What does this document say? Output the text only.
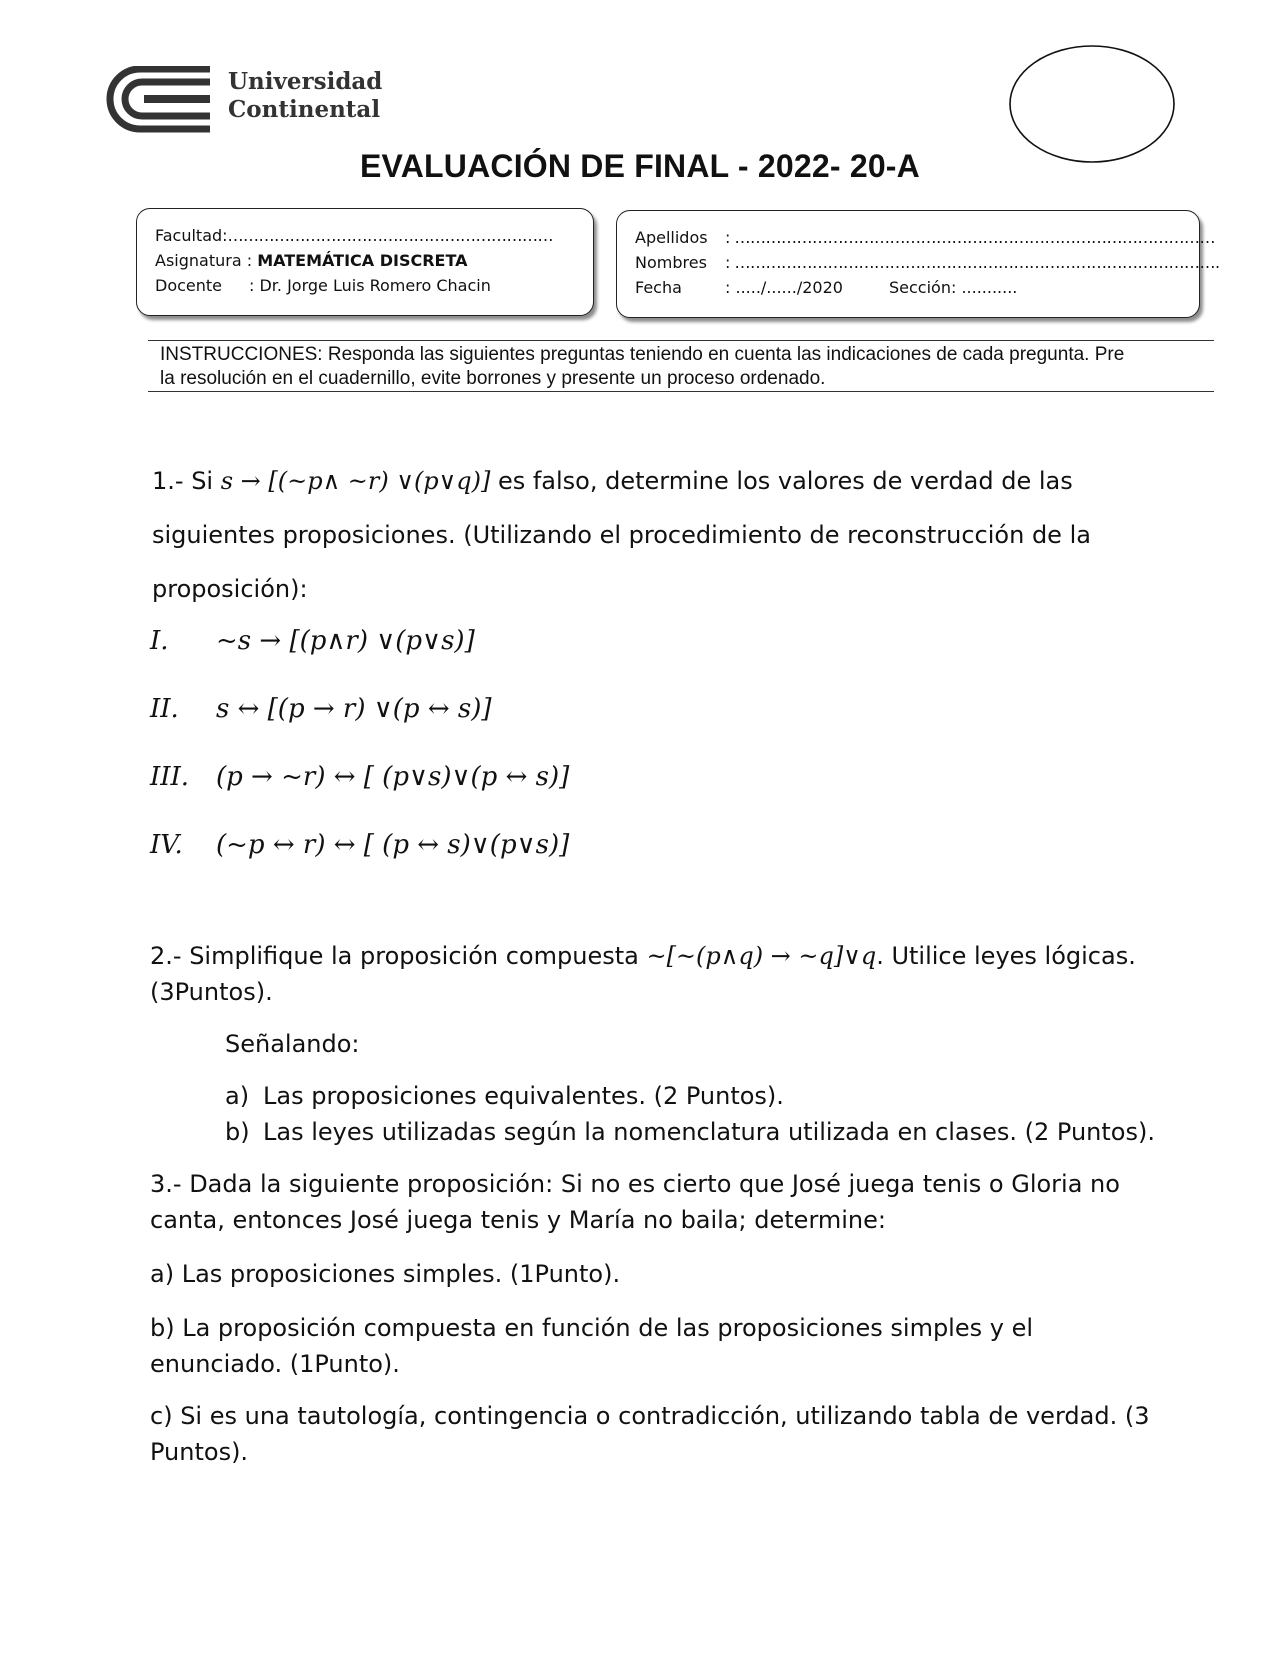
Universidad
Continental
EVALUACIÓN DE FINAL - 2022- 20-A
Facultad:………………………………………………………
Asignatura : MATEMÁTICA DISCRETA
Docente : Dr. Jorge Luis Romero Chacin
Apellidos : …………………………………………………………………………………
Nombres : ………………………………………………………………………………….
Fecha	: ...../....../2020	Sección: ...........
INSTRUCCIONES: Responda las siguientes preguntas teniendo en cuenta las indicaciones de cada pregunta. Pre
la resolución en el cuadernillo, evite borrones y presente un proceso ordenado.
1.- Si s → [(~p∧ ~r) ∨(p∨q)] es falso, determine los valores de verdad de las siguientes proposiciones. (Utilizando el procedimiento de reconstrucción de la proposición):
I. ~s → [(p∧r) ∨(p∨s)]
II. s ↔ [(p → r) ∨(p ↔ s)]
III. (p → ~r) ↔ [ (p∨s)∨(p ↔ s)]
IV. (~p ↔ r) ↔ [ (p ↔ s)∨(p∨s)]
2.- Simplifique la proposición compuesta ~[~(p∧q) → ~q]∨q. Utilice leyes lógicas. (3Puntos).
Señalando:
a) Las proposiciones equivalentes. (2 Puntos).
b) Las leyes utilizadas según la nomenclatura utilizada en clases. (2 Puntos).
3.- Dada la siguiente proposición: Si no es cierto que José juega tenis o Gloria no canta, entonces José juega tenis y María no baila; determine:
a) Las proposiciones simples. (1Punto).
b) La proposición compuesta en función de las proposiciones simples y el enunciado. (1Punto).
c) Si es una tautología, contingencia o contradicción, utilizando tabla de verdad. (3 Puntos).
